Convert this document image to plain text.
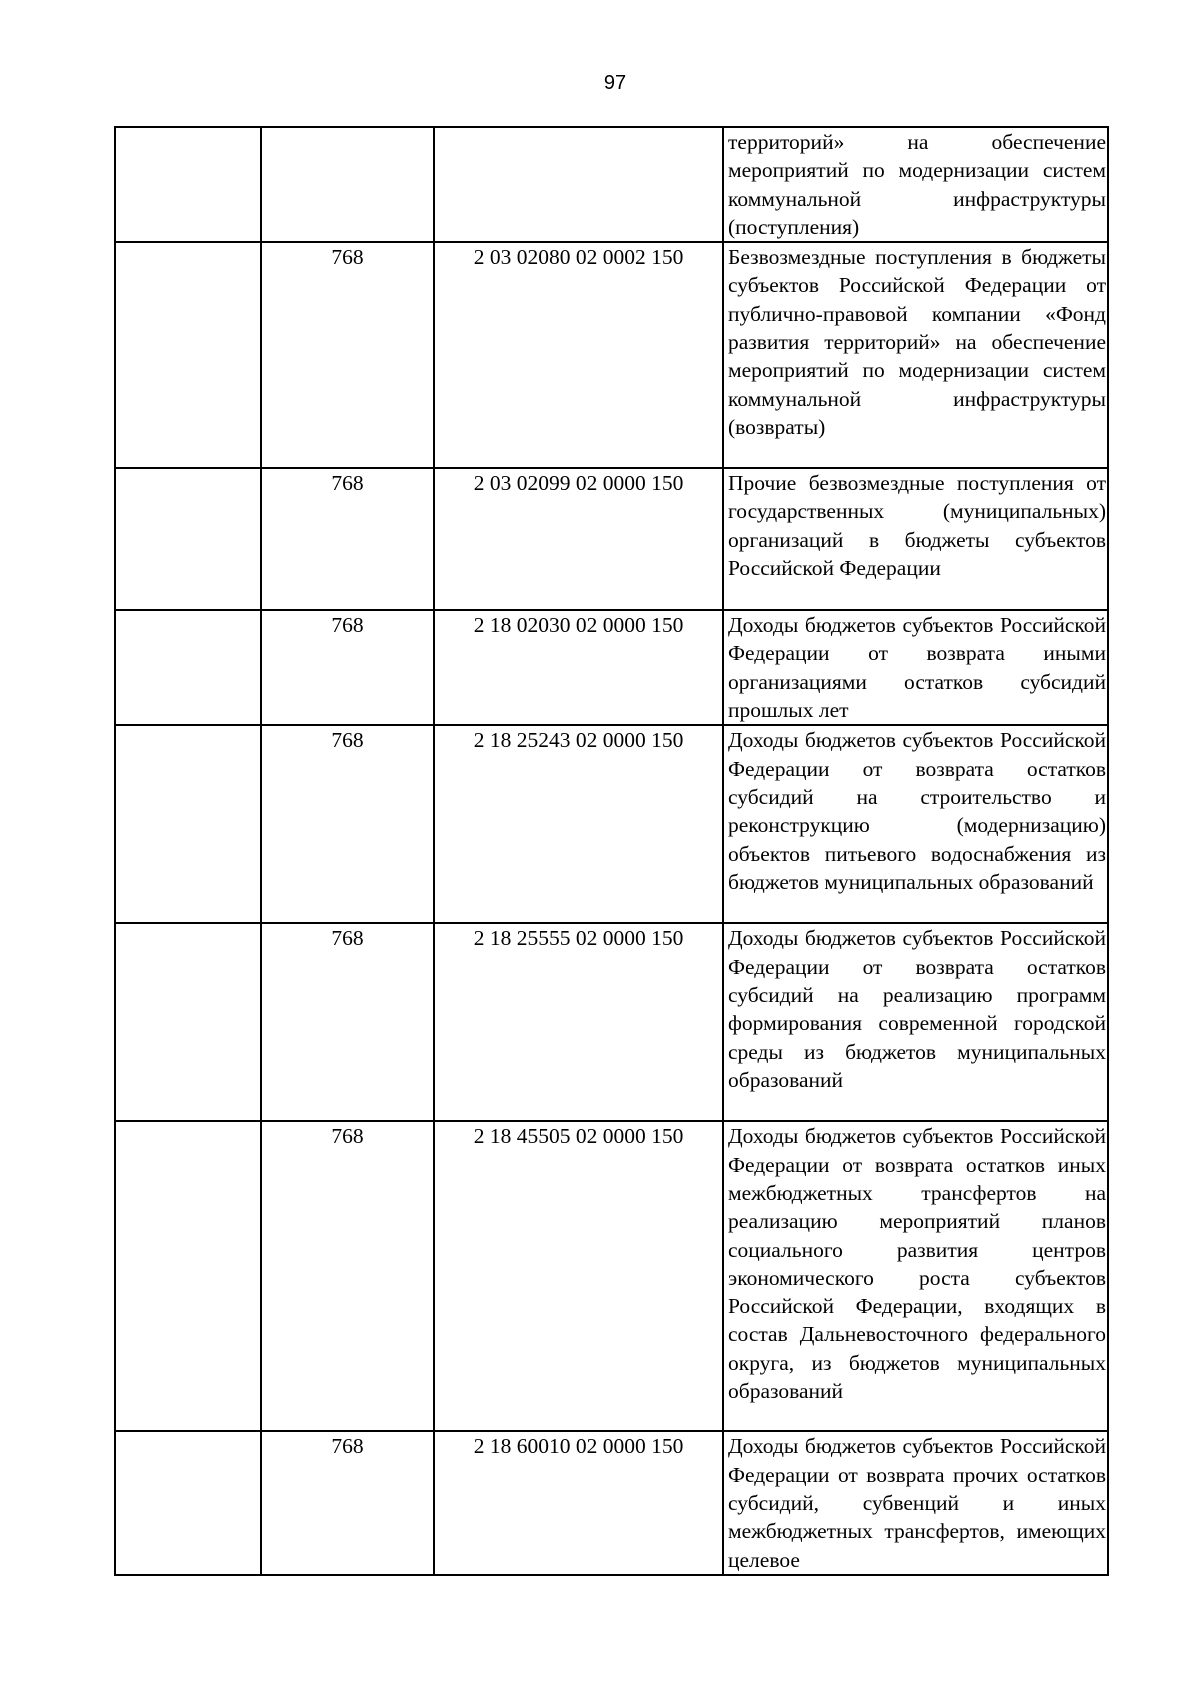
97
			территорий» на обеспечение мероприятий по модернизации систем коммунальной инфраструктуры (поступления)
	768	2 03 02080 02 0002 150	Безвозмездные поступления в бюджеты субъектов Российской Федерации от публично-правовой компании «Фонд развития территорий» на обеспечение мероприятий по модернизации систем коммунальной инфраструктуры (возвраты)
	768	2 03 02099 02 0000 150	Прочие безвозмездные поступления от государственных (муниципальных) организаций в бюджеты субъектов Российской Федерации
	768	2 18 02030 02 0000 150	Доходы бюджетов субъектов Российской Федерации от возврата иными организациями остатков субсидий прошлых лет
	768	2 18 25243 02 0000 150	Доходы бюджетов субъектов Российской Федерации от возврата остатков субсидий на строительство и реконструкцию (модернизацию) объектов питьевого водоснабжения из бюджетов муниципальных образований
	768	2 18 25555 02 0000 150	Доходы бюджетов субъектов Российской Федерации от возврата остатков субсидий на реализацию программ формирования современной городской среды из бюджетов муниципальных образований
	768	2 18 45505 02 0000 150	Доходы бюджетов субъектов Российской Федерации от возврата остатков иных межбюджетных трансфертов на реализацию мероприятий планов социального развития центров экономического роста субъектов Российской Федерации, входящих в состав Дальневосточного федерального округа, из бюджетов муниципальных образований
	768	2 18 60010 02 0000 150	Доходы бюджетов субъектов Российской Федерации от возврата прочих остатков субсидий, субвенций и иных межбюджетных трансфертов, имеющих целевое
